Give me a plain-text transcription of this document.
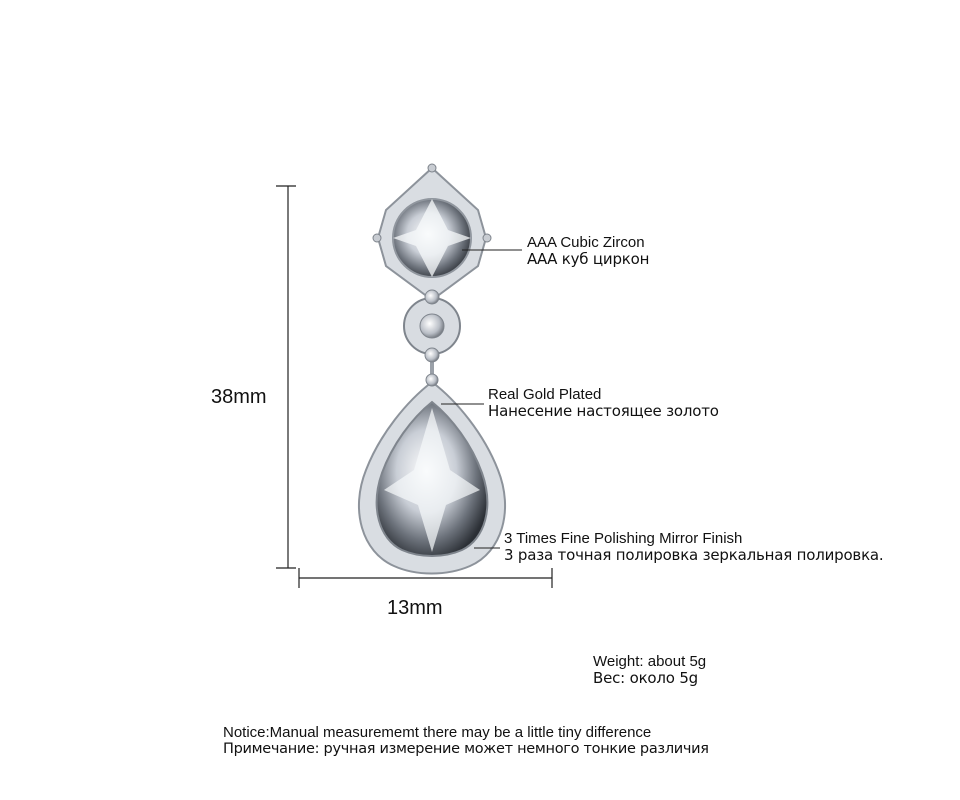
38mm
13mm
AAA Cubic Zircon
ААА куб циркон
Real Gold Plated
Нанесение настоящее золото
3 Times Fine Polishing Mirror Finish
3 раза точная полировка зеркальная полировка.
Weight: about 5g
Вес: около 5g
Notice:Manual measurememt there may be a little tiny difference
Примечание: ручная измерение может немного тонкие различия
